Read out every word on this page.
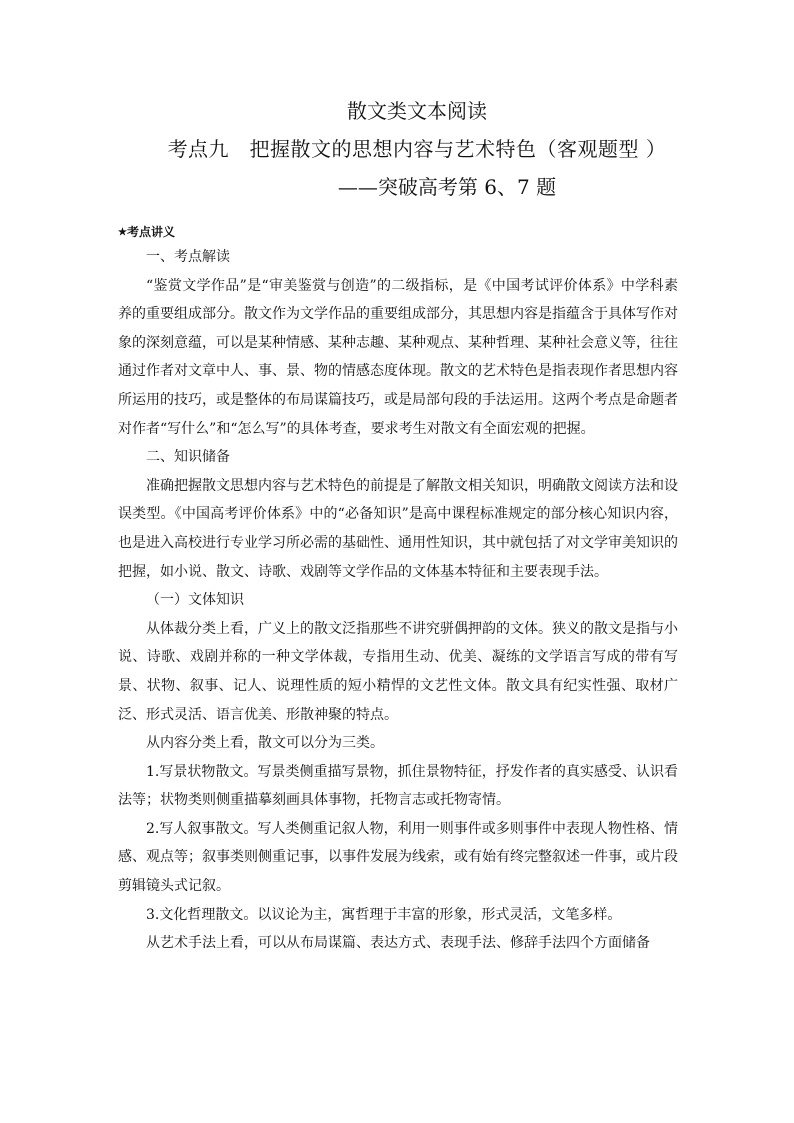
散文类文本阅读
考点九　把握散文的思想内容与艺术特色（客观题型 ）
——突破高考第 6、7 题
★考点讲义
一、考点解读

“鉴赏文学作品”是“审美鉴赏与创造”的二级指标，是《中国考试评价体系》中学科素养的重要组成部分。散文作为文学作品的重要组成部分，其思想内容是指蕴含于具体写作对象的深刻意蕴，可以是某种情感、某种志趣、某种观点、某种哲理、某种社会意义等，往往通过作者对文章中人、事、景、物的情感态度体现。散文的艺术特色是指表现作者思想内容所运用的技巧，或是整体的布局谋篇技巧，或是局部句段的手法运用。这两个考点是命题者对作者“写什么”和“怎么写”的具体考查，要求考生对散文有全面宏观的把握。

二、知识储备

准确把握散文思想内容与艺术特色的前提是了解散文相关知识，明确散文阅读方法和设误类型。《中国高考评价体系》中的“必备知识”是高中课程标准规定的部分核心知识内容，也是进入高校进行专业学习所必需的基础性、通用性知识，其中就包括了对文学审美知识的把握，如小说、散文、诗歌、戏剧等文学作品的文体基本特征和主要表现手法。

（一）文体知识

从体裁分类上看，广义上的散文泛指那些不讲究骈偶押韵的文体。狭义的散文是指与小说、诗歌、戏剧并称的一种文学体裁，专指用生动、优美、凝练的文学语言写成的带有写景、状物、叙事、记人、说理性质的短小精悍的文艺性文体。散文具有纪实性强、取材广泛、形式灵活、语言优美、形散神聚的特点。

从内容分类上看，散文可以分为三类。

1.写景状物散文。写景类侧重描写景物，抓住景物特征，抒发作者的真实感受、认识看法等；状物类则侧重描摹刻画具体事物，托物言志或托物寄情。

2.写人叙事散文。写人类侧重记叙人物，利用一则事件或多则事件中表现人物性格、情感、观点等；叙事类则侧重记事，以事件发展为线索，或有始有终完整叙述一件事，或片段剪辑镜头式记叙。

3.文化哲理散文。以议论为主，寓哲理于丰富的形象，形式灵活，文笔多样。

从艺术手法上看，可以从布局谋篇、表达方式、表现手法、修辞手法四个方面储备
